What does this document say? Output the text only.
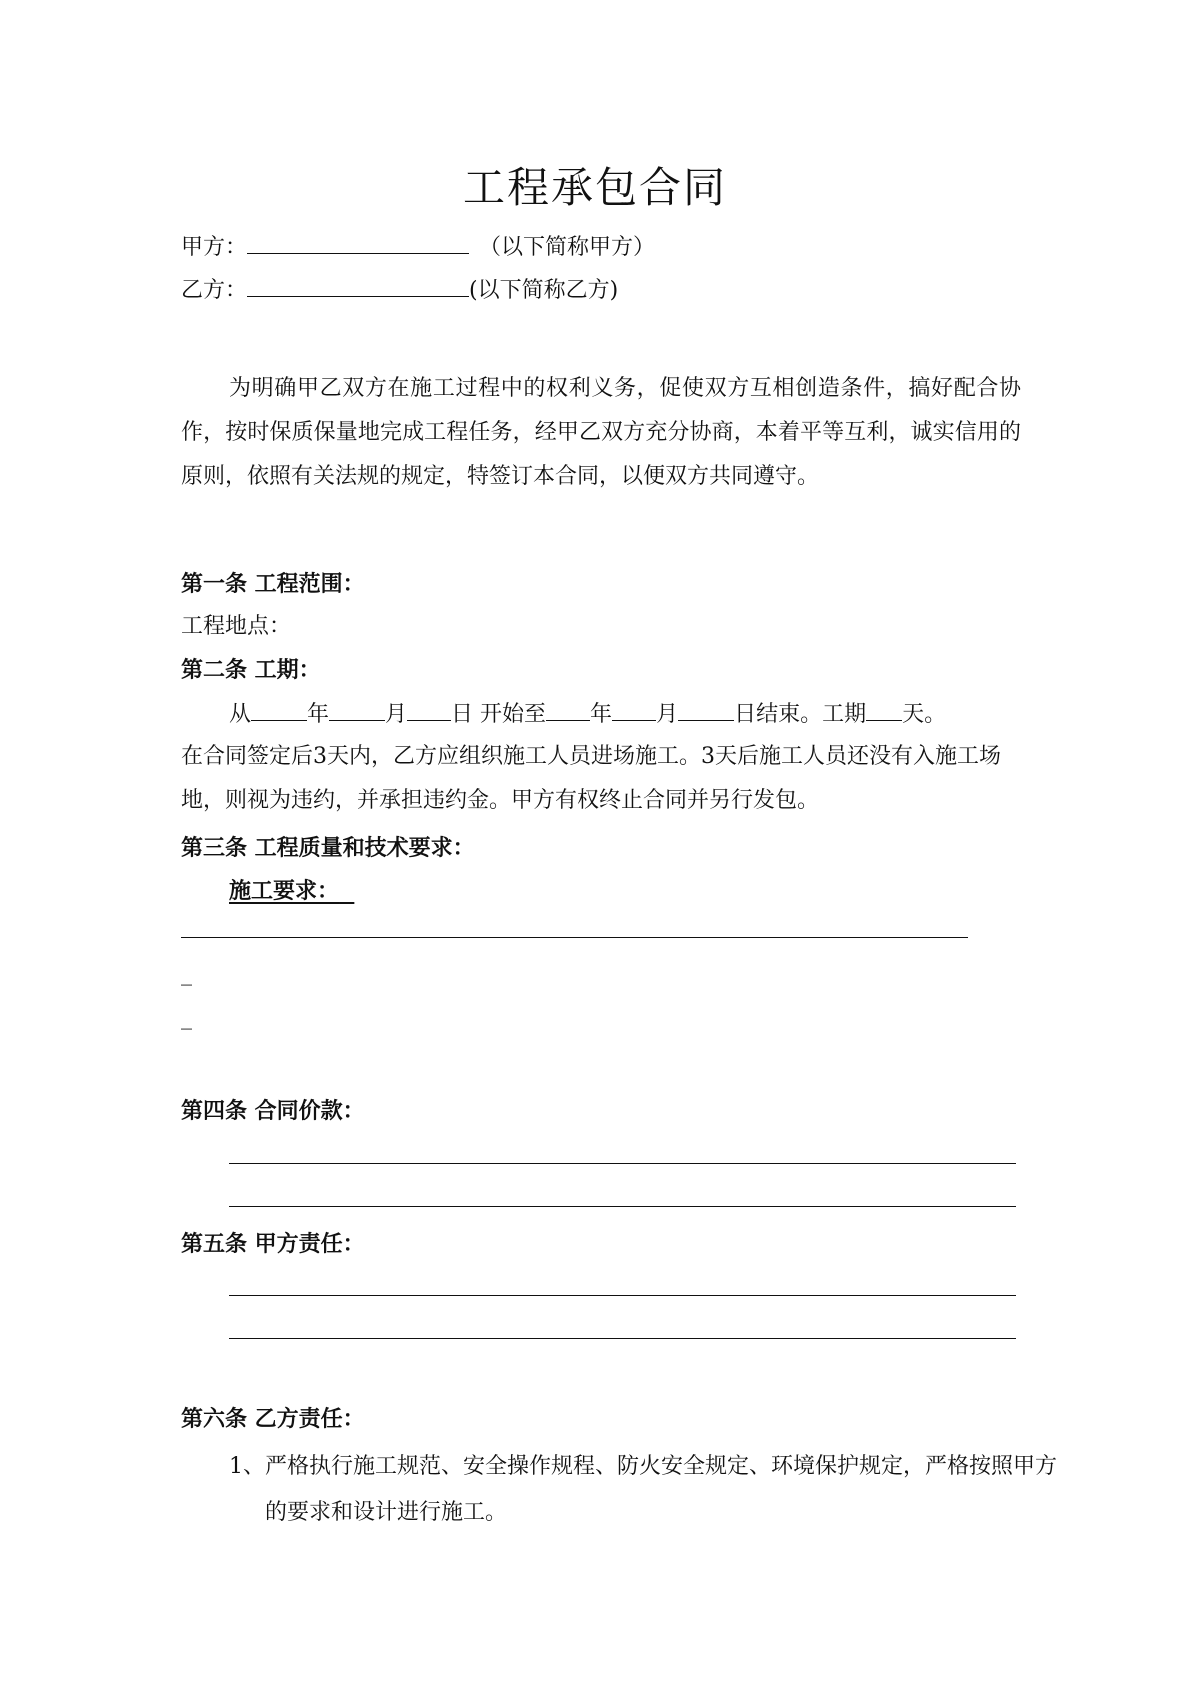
工程承包合同
甲方：	（以下简称甲方）
乙方：	(以下简称乙方)
为明确甲乙双方在施工过程中的权利义务，促使双方互相创造条件，搞好配合协作，按时保质保量地完成工程任务，经甲乙双方充分协商，本着平等互利，诚实信用的原则，依照有关法规的规定，特签订本合同，以便双方共同遵守。
第一条 工程范围：
工程地点：
第二条 工期：
从	年	月 日 开始至 年 月	日结束。工期 天。
在合同签定后3天内，乙方应组织施工人员进场施工。3天后施工人员还没有入施工场地，则视为违约，并承担违约金。甲方有权终止合同并另行发包。
第三条 工程质量和技术要求：
施工要求：
_
_
第四条 合同价款：
第五条 甲方责任：
第六条 乙方责任：
1、严格执行施工规范、安全操作规程、防火安全规定、环境保护规定，严格按照甲方的要求和设计进行施工。
